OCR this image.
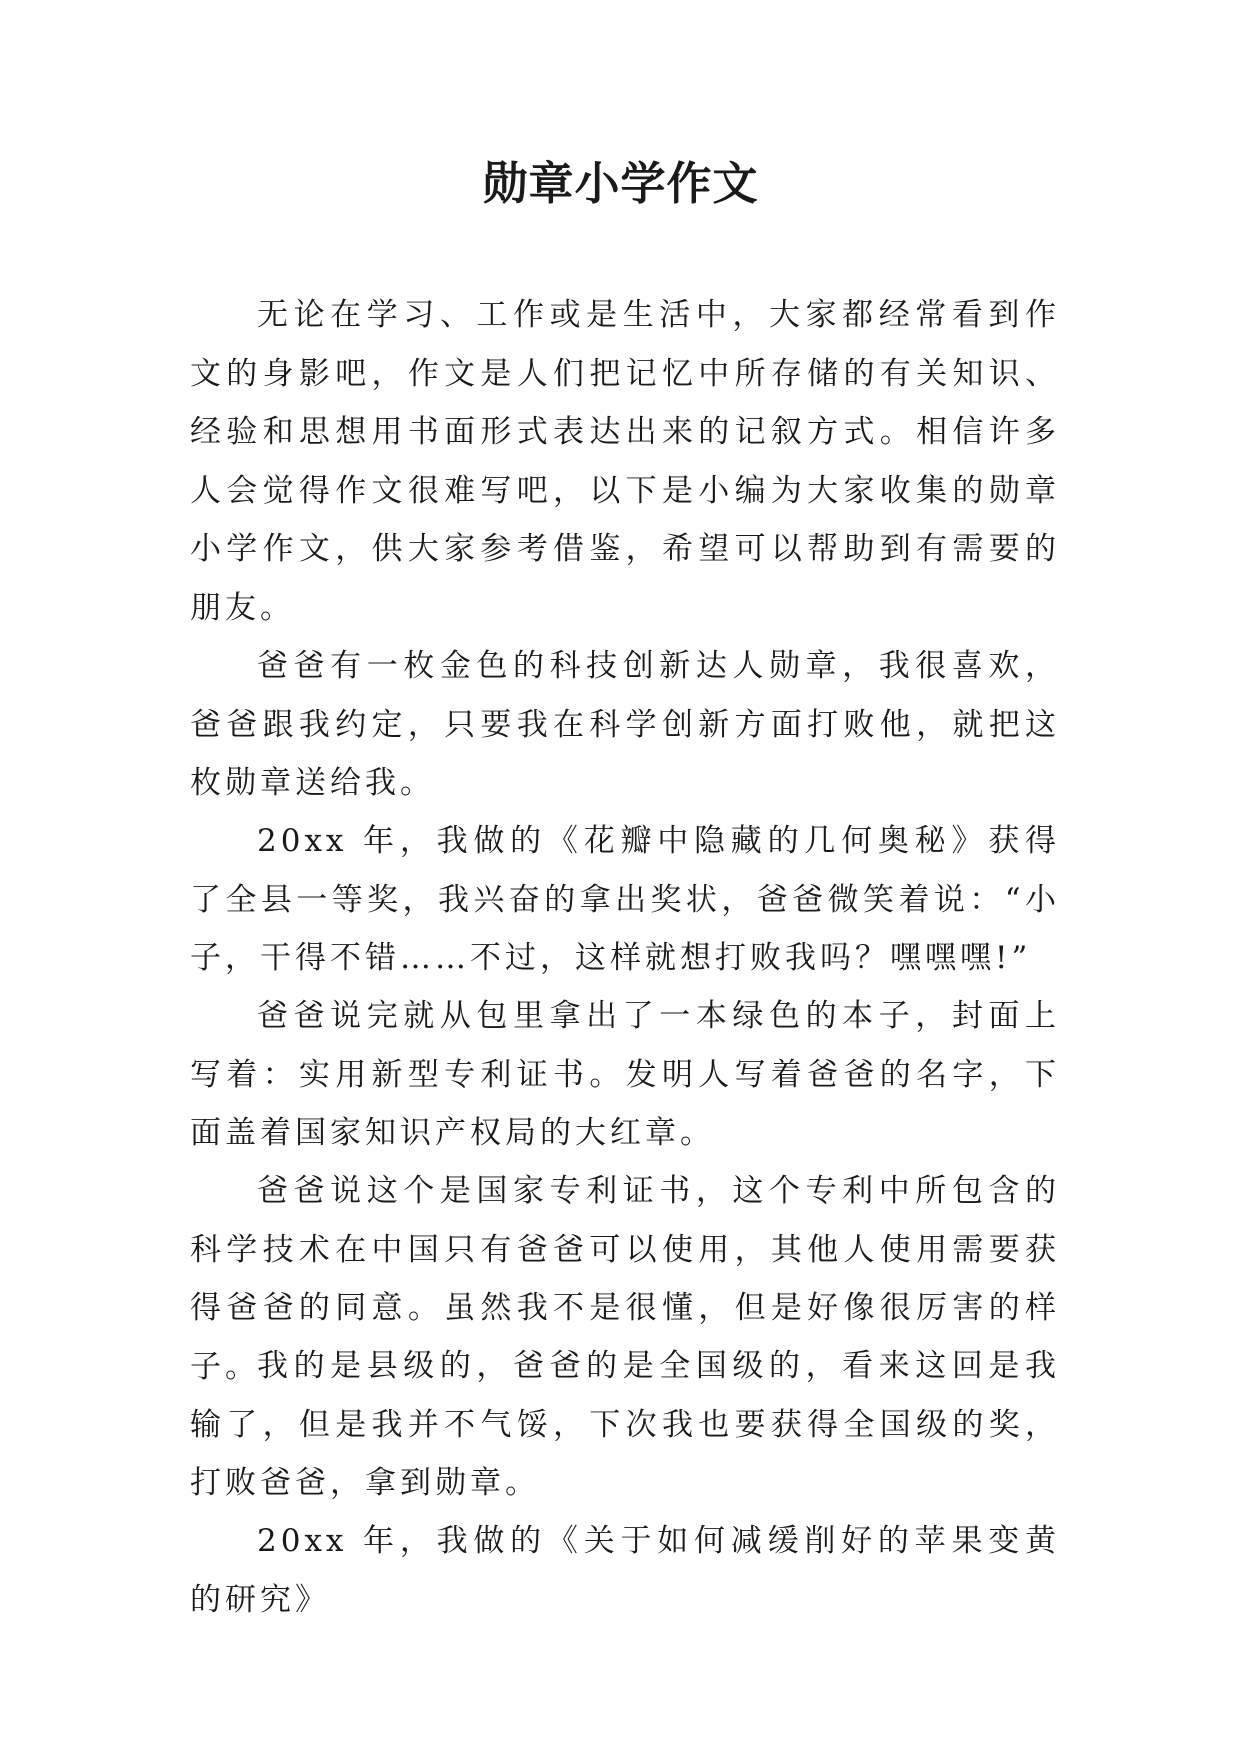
勋章小学作文

无论在学习、工作或是生活中，大家都经常看到作文的身影吧，作文是人们把记忆中所存储的有关知识、经验和思想用书面形式表达出来的记叙方式。相信许多人会觉得作文很难写吧，以下是小编为大家收集的勋章小学作文，供大家参考借鉴，希望可以帮助到有需要的朋友。

爸爸有一枚金色的科技创新达人勋章，我很喜欢，爸爸跟我约定，只要我在科学创新方面打败他，就把这枚勋章送给我。

20xx 年，我做的《花瓣中隐藏的几何奥秘》获得了全县一等奖，我兴奋的拿出奖状，爸爸微笑着说：“小子，干得不错……不过，这样就想打败我吗？嘿嘿嘿!”

爸爸说完就从包里拿出了一本绿色的本子，封面上写着：实用新型专利证书。发明人写着爸爸的名字，下面盖着国家知识产权局的大红章。

爸爸说这个是国家专利证书，这个专利中所包含的科学技术在中国只有爸爸可以使用，其他人使用需要获得爸爸的同意。虽然我不是很懂，但是好像很厉害的样子。

我的是县级的，爸爸的是全国级的，看来这回是我输了，但是我并不气馁，下次我也要获得全国级的奖，打败爸爸，拿到勋章。

20xx 年，我做的《关于如何减缓削好的苹果变黄的研究》
